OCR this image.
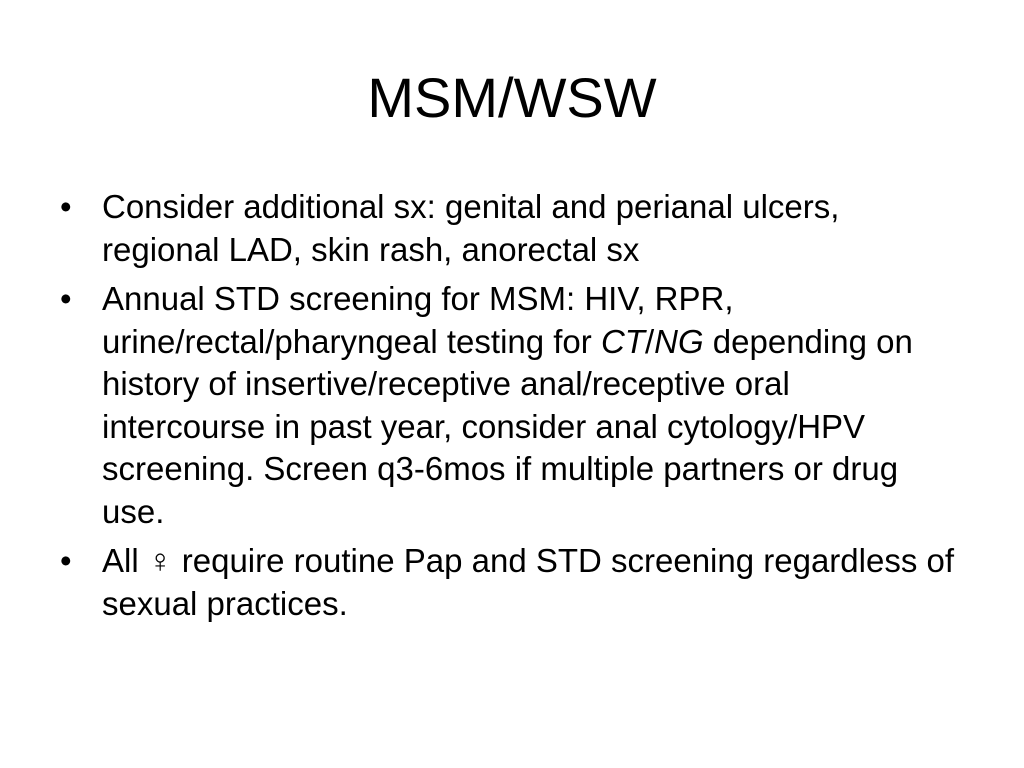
MSM/WSW
• Consider additional sx: genital and perianal ulcers, regional LAD, skin rash, anorectal sx
• Annual STD screening for MSM: HIV, RPR, urine/rectal/pharyngeal testing for CT/NG depending on history of insertive/receptive anal/receptive oral intercourse in past year, consider anal cytology/HPV screening. Screen q3-6mos if multiple partners or drug use.
• All ♀ require routine Pap and STD screening regardless of sexual practices.
